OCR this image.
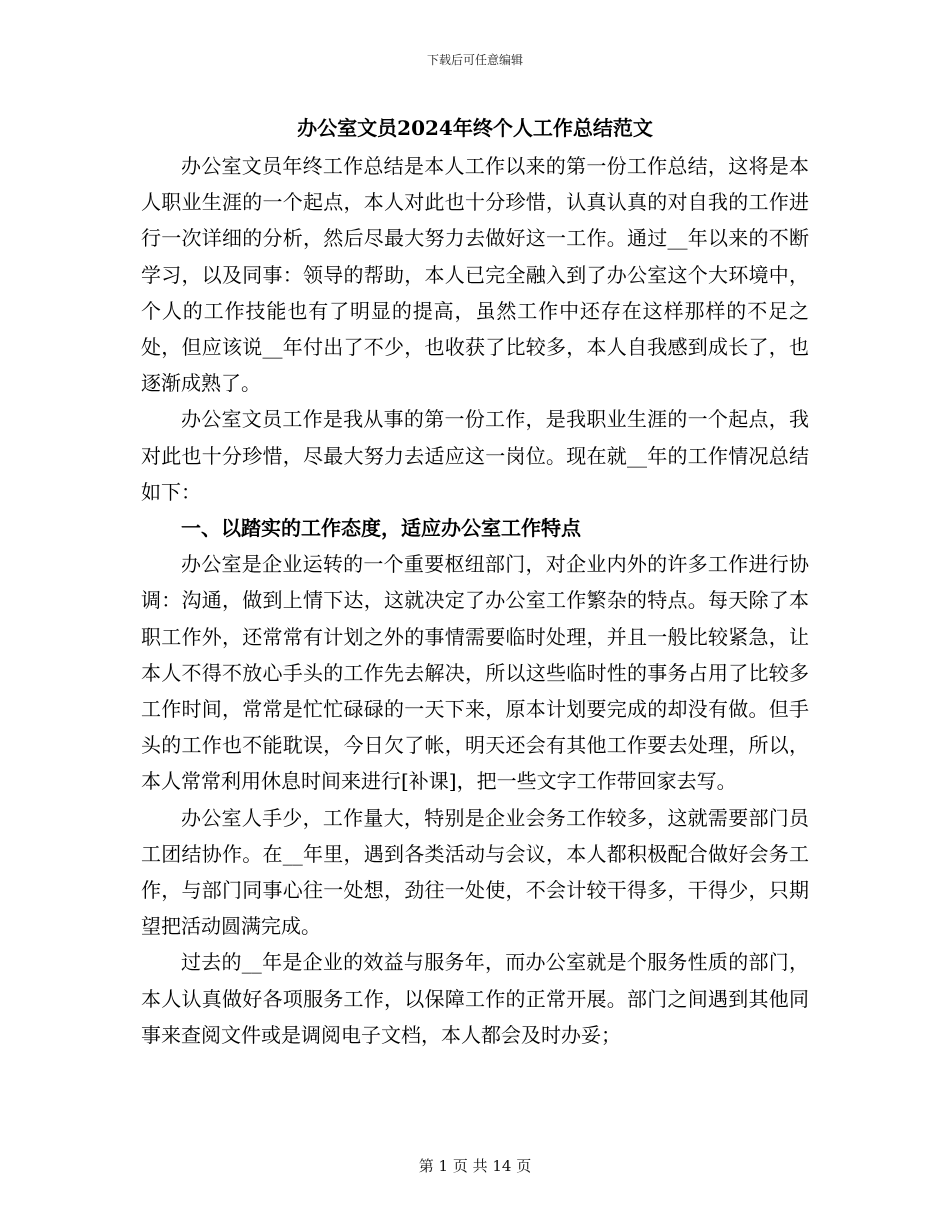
下载后可任意编辑
办公室文员2024年终个人工作总结范文

办公室文员年终工作总结是本人工作以来的第一份工作总结，这将是本人职业生涯的一个起点，本人对此也十分珍惜，认真认真的对自我的工作进行一次详细的分析，然后尽最大努力去做好这一工作。通过__年以来的不断学习，以及同事：领导的帮助，本人已完全融入到了办公室这个大环境中，个人的工作技能也有了明显的提高，虽然工作中还存在这样那样的不足之处，但应该说__年付出了不少，也收获了比较多，本人自我感到成长了，也逐渐成熟了。

办公室文员工作是我从事的第一份工作，是我职业生涯的一个起点，我对此也十分珍惜，尽最大努力去适应这一岗位。现在就__年的工作情况总结如下：

一、以踏实的工作态度，适应办公室工作特点

办公室是企业运转的一个重要枢纽部门，对企业内外的许多工作进行协调：沟通，做到上情下达，这就决定了办公室工作繁杂的特点。每天除了本职工作外，还常常有计划之外的事情需要临时处理，并且一般比较紧急，让本人不得不放心手头的工作先去解决，所以这些临时性的事务占用了比较多工作时间，常常是忙忙碌碌的一天下来，原本计划要完成的却没有做。但手头的工作也不能耽误，今日欠了帐，明天还会有其他工作要去处理，所以，本人常常利用休息时间来进行[补课]，把一些文字工作带回家去写。

办公室人手少，工作量大，特别是企业会务工作较多，这就需要部门员工团结协作。在__年里，遇到各类活动与会议，本人都积极配合做好会务工作，与部门同事心往一处想，劲往一处使，不会计较干得多，干得少，只期望把活动圆满完成。

过去的__年是企业的效益与服务年，而办公室就是个服务性质的部门，本人认真做好各项服务工作，以保障工作的正常开展。部门之间遇到其他同事来查阅文件或是调阅电子文档，本人都会及时办妥；

第 1 页 共 14 页
